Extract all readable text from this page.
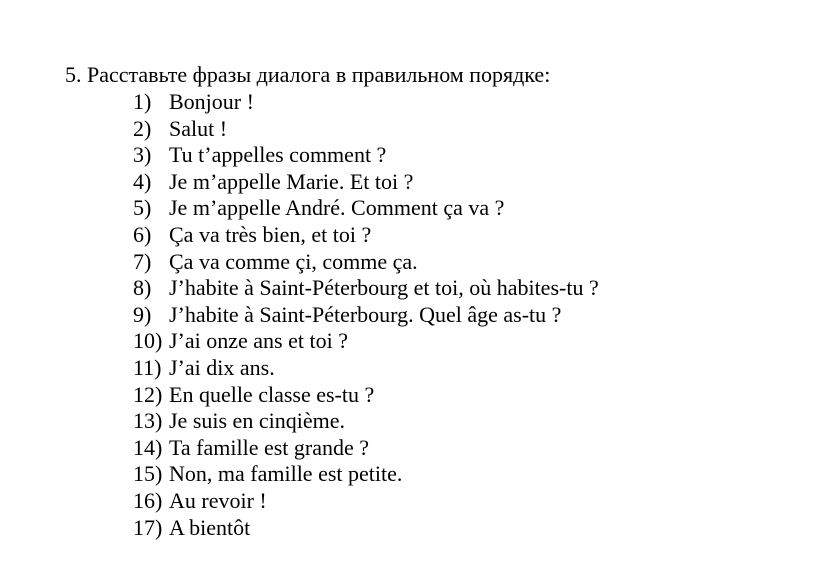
5. Расставьте фразы диалога в правильном порядке:
1) Bonjour !
2) Salut !
3) Tu t’appelles comment ?
4) Je m’appelle Marie. Et toi ?
5) Je m’appelle André. Comment ça va ?
6) Ça va très bien, et toi ?
7) Ça va comme çi, comme ça.
8) J’habite à Saint-Péterbourg et toi, où habites-tu ?
9) J’habite à Saint-Péterbourg. Quel âge as-tu ?
10) J’ai onze ans et toi ?
11) J’ai dix ans.
12) En quelle classe es-tu ?
13) Je suis en cinqième.
14) Ta famille est grande ?
15) Non, ma famille est petite.
16) Au revoir !
17) A bientôt
